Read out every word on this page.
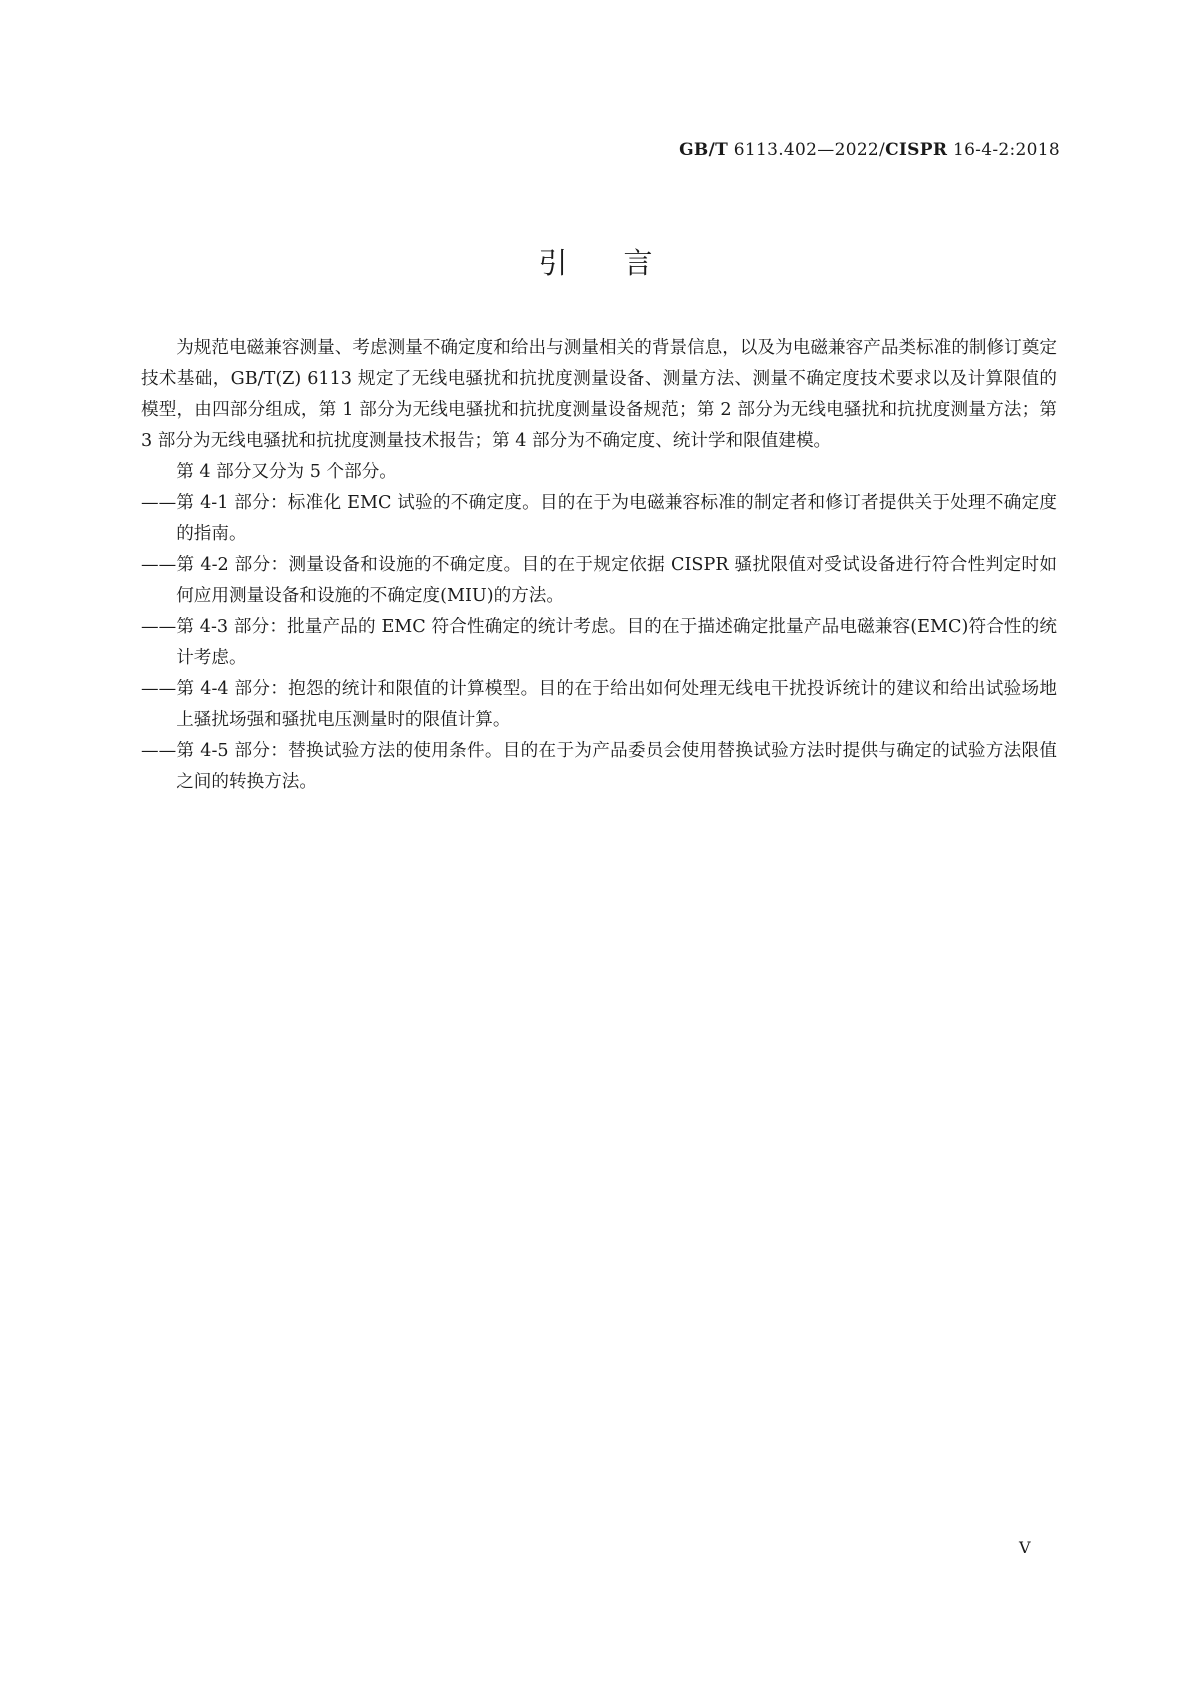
GB/T 6113.402—2022/CISPR 16-4-2:2018
引言

为规范电磁兼容测量、考虑测量不确定度和给出与测量相关的背景信息，以及为电磁兼容产品类标准的制修订奠定技术基础，GB/T(Z) 6113 规定了无线电骚扰和抗扰度测量设备、测量方法、测量不确定度技术要求以及计算限值的模型，由四部分组成，第 1 部分为无线电骚扰和抗扰度测量设备规范；第 2 部分为无线电骚扰和抗扰度测量方法；第 3 部分为无线电骚扰和抗扰度测量技术报告；第 4 部分为不确定度、统计学和限值建模。

第 4 部分又分为 5 个部分。

——第 4-1 部分：标准化 EMC 试验的不确定度。目的在于为电磁兼容标准的制定者和修订者提供关于处理不确定度的指南。

——第 4-2 部分：测量设备和设施的不确定度。目的在于规定依据 CISPR 骚扰限值对受试设备进行符合性判定时如何应用测量设备和设施的不确定度(MIU)的方法。

——第 4-3 部分：批量产品的 EMC 符合性确定的统计考虑。目的在于描述确定批量产品电磁兼容(EMC)符合性的统计考虑。

——第 4-4 部分：抱怨的统计和限值的计算模型。目的在于给出如何处理无线电干扰投诉统计的建议和给出试验场地上骚扰场强和骚扰电压测量时的限值计算。

——第 4-5 部分：替换试验方法的使用条件。目的在于为产品委员会使用替换试验方法时提供与确定的试验方法限值之间的转换方法。

V
